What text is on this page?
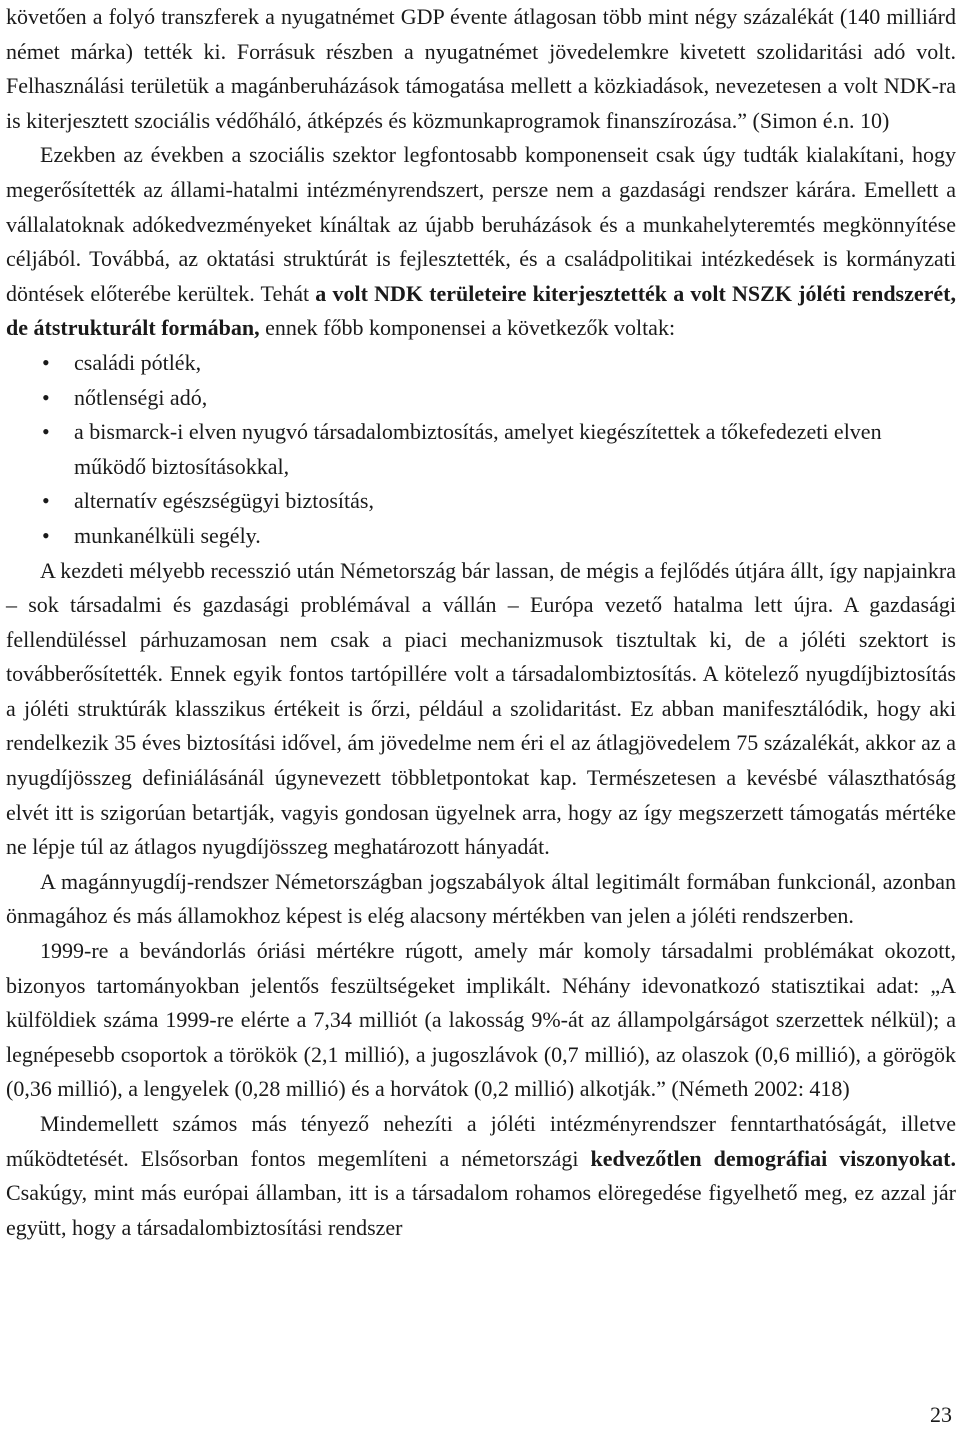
követően a folyó transzferek a nyugatnémet GDP évente átlagosan több mint négy százalékát (140 milliárd német márka) tették ki. Forrásuk részben a nyugatnémet jövedelemkre kivetett szolidaritási adó volt. Felhasználási területük a magánberuházások támogatása mellett a közkiadások, nevezetesen a volt NDK-ra is kiterjesztett szociális védőháló, átképzés és közmunkaprogramok finanszírozása.” (Simon é.n. 10)

Ezekben az években a szociális szektor legfontosabb komponenseit csak úgy tudták kialakítani, hogy megerősítették az állami-hatalmi intézményrendszert, persze nem a gazdasági rendszer kárára. Emellett a vállalatoknak adókedvezményeket kínáltak az újabb beruházások és a munkahelyteremtés megkönnyítése céljából. Továbbá, az oktatási struktúrát is fejlesztették, és a családpolitikai intézkedések is kormányzati döntések előterébe kerültek. Tehát a volt NDK területeire kiterjesztették a volt NSZK jóléti rendszerét, de átstrukturált formában, ennek főbb komponensei a következők voltak:

• családi pótlék,
• nőtlenségi adó,
• a bismarck-i elven nyugvó társadalombiztosítás, amelyet kiegészítettek a tőkefedezeti elven működő biztosításokkal,
• alternatív egészségügyi biztosítás,
• munkanélküli segély.

A kezdeti mélyebb recesszió után Németország bár lassan, de mégis a fejlődés útjára állt, így napjainkra – sok társadalmi és gazdasági problémával a vállán – Európa vezető hatalma lett újra. A gazdasági fellendüléssel párhuzamosan nem csak a piaci mechanizmusok tisztultak ki, de a jóléti szektort is továbberősítették. Ennek egyik fontos tartópillére volt a társadalombiztosítás. A kötelező nyugdíjbiztosítás a jóléti struktúrák klasszikus értékeit is őrzi, például a szolidaritást. Ez abban manifesztálódik, hogy aki rendelkezik 35 éves biztosítási idővel, ám jövedelme nem éri el az átlagjövedelem 75 százalékát, akkor az a nyugdíjösszeg definiálásánál úgynevezett többletpontokat kap. Természetesen a kevésbé választhatóság elvét itt is szigorúan betartják, vagyis gondosan ügyelnek arra, hogy az így megszerzett támogatás mértéke ne lépje túl az átlagos nyugdíjösszeg meghatározott hányadát.

A magánnyugdíj-rendszer Németországban jogszabályok által legitimált formában funkcionál, azonban önmagához és más államokhoz képest is elég alacsony mértékben van jelen a jóléti rendszerben.

1999-re a bevándorlás óriási mértékre rúgott, amely már komoly társadalmi problémákat okozott, bizonyos tartományokban jelentős feszültségeket implikált. Néhány idevonatkozó statisztikai adat: „A külföldiek száma 1999-re elérte a 7,34 milliót (a lakosság 9%-át az állampolgárságot szerzettek nélkül); a legnépesebb csoportok a törökök (2,1 millió), a jugoszlávok (0,7 millió), az olaszok (0,6 millió), a görögök (0,36 millió), a lengyelek (0,28 millió) és a horvátok (0,2 millió) alkotják.” (Németh 2002: 418)

Mindemellett számos más tényező nehezíti a jóléti intézményrendszer fenntarthatóságát, illetve működtetését. Elsősorban fontos megemlíteni a németországi kedvezőtlen demográfiai viszonyokat. Csakúgy, mint más európai államban, itt is a társadalom rohamos elöregedése figyelhető meg, ez azzal jár együtt, hogy a társadalombiztosítási rendszer

23
